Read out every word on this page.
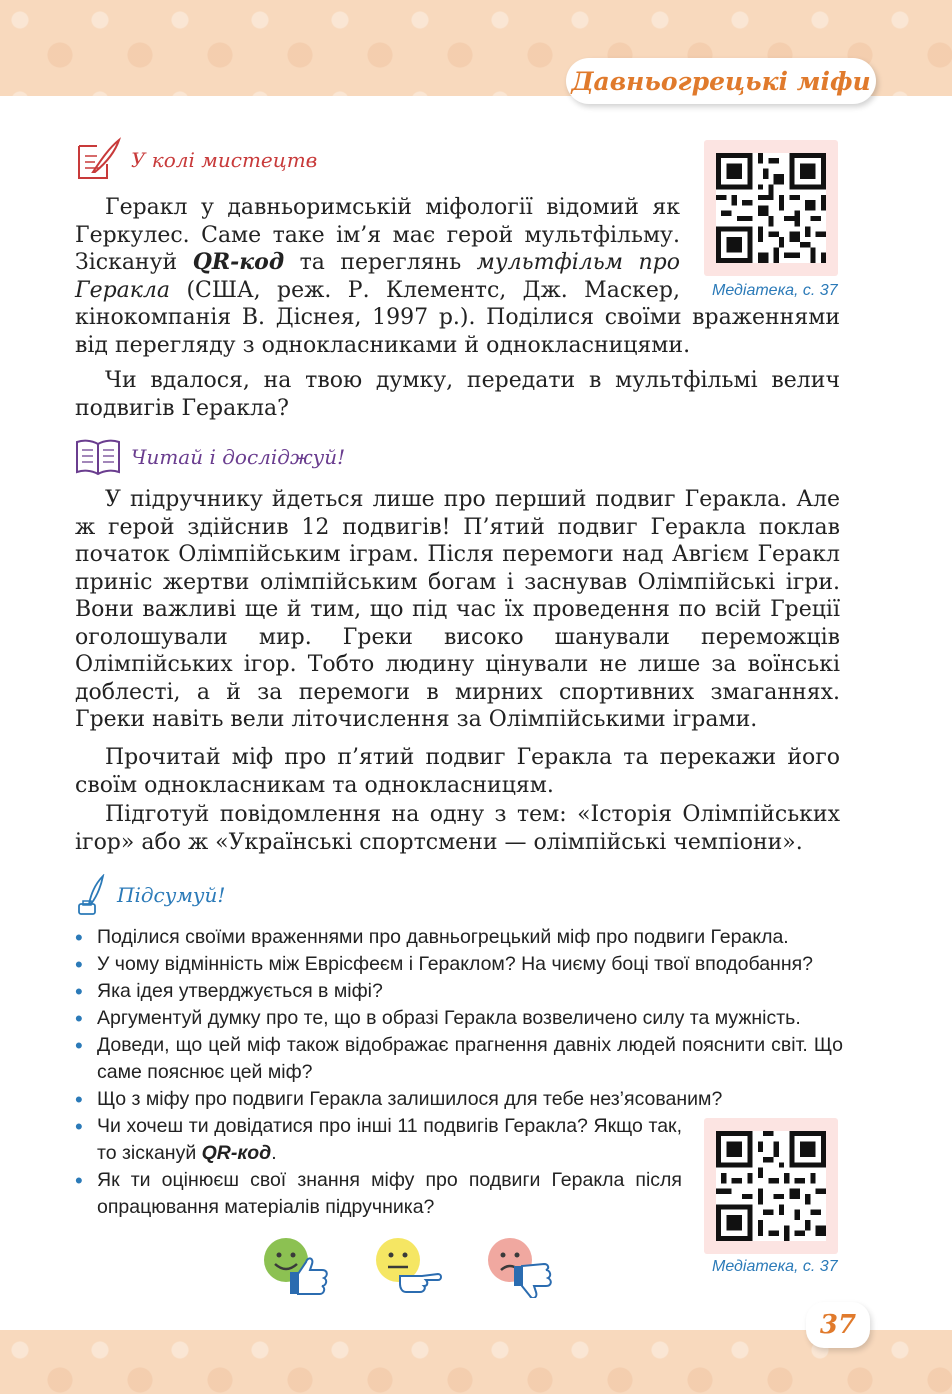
Давньогрецькі міфи
У колі мистецтв

Медіатека, с. 37
Геракл у давньоримській міфології відомий як Геркулес. Саме таке ім’я має герой мультфільму. Зіскануй QR-код та переглянь мультфільм про Геракла (США, реж. Р. Клементс, Дж. Маскер, кінокомпанія В. Діснея, 1997 р.). Поділися своїми враженнями від перегляду з однокласниками й однокласницями.

Чи вдалося, на твою думку, передати в мультфільмі велич подвигів Геракла?

Читай і досліджуй!

У підручнику йдеться лише про перший подвиг Геракла. Але ж герой здійснив 12 подвигів! П’ятий подвиг Геракла поклав початок Олімпійським іграм. Після перемоги над Авгієм Геракл приніс жертви олімпійським богам і заснував Олімпійські ігри. Вони важливі ще й тим, що під час їх проведення по всій Греції оголошували мир. Греки високо шанували переможців Олімпійських ігор. Тобто людину цінували не лише за воїнські доблесті, а й за перемоги в мирних спортивних змаганнях. Греки навіть вели літочислення за Олімпійськими іграми.

Прочитай міф про п’ятий подвиг Геракла та перекажи його своїм однокласникам та однокласницям.

Підготуй повідомлення на одну з тем: «Історія Олімпійських ігор» або ж «Українські спортсмени — олімпійські чемпіони».

Підсумуй!
• Поділися своїми враженнями про давньогрецький міф про подвиги Геракла.
• У чому відмінність між Еврісфеєм і Гераклом? На чиєму боці твої вподобання?
• Яка ідея утверджується в міфі?
• Аргументуй думку про те, що в образі Геракла возвеличено силу та мужність.
• Доведи, що цей міф також відображає прагнення давніх людей пояснити світ. Що саме пояснює цей міф?
• Що з міфу про подвиги Геракла залишилося для тебе нез’ясованим?
• Чи хочеш ти довідатися про інші 11 подвигів Геракла? Якщо так, то зіскануй QR-код.
• Як ти оцінюєш свої знання міфу про подвиги Геракла після опрацювання матеріалів підручника?
Медіатека, с. 37
37
